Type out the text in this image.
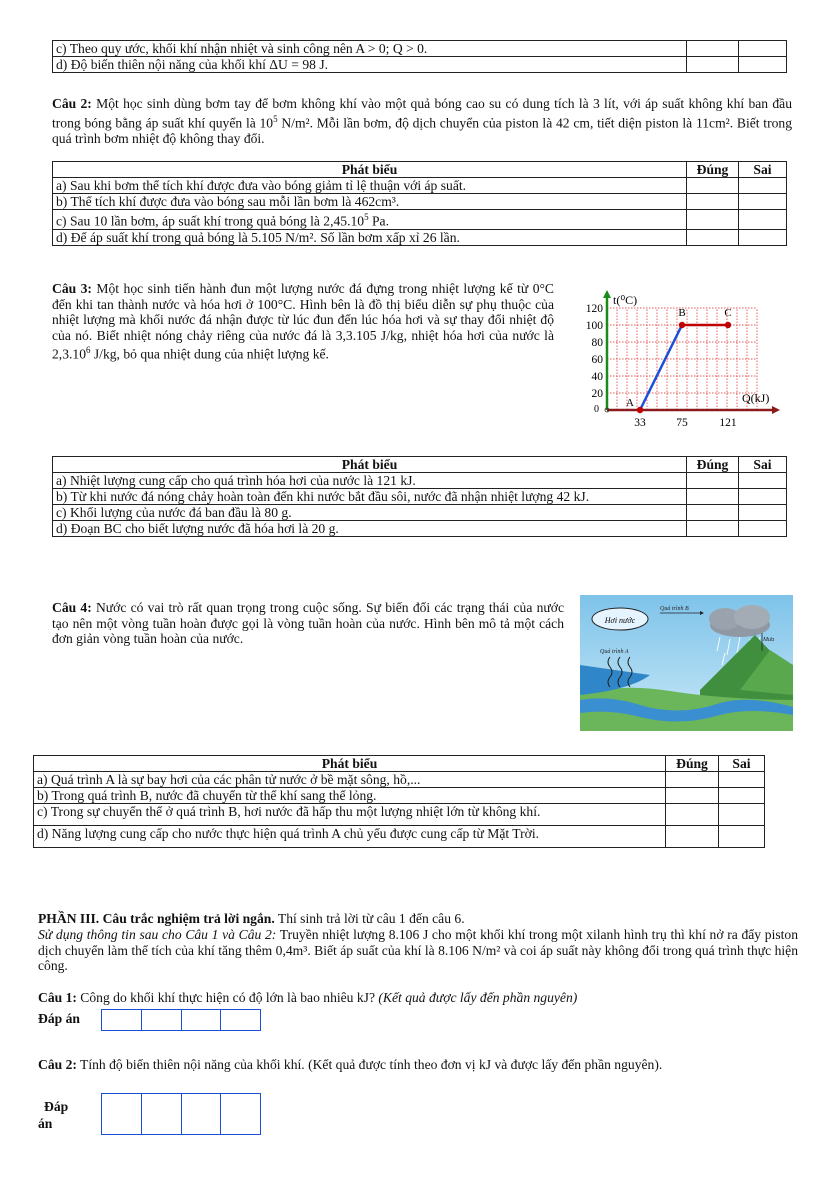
c) Theo quy ước, khối khí nhận nhiệt và sinh công nên A > 0; Q > 0.		
d) Độ biến thiên nội năng của khối khí ΔU = 98 J.		
Câu 2: Một học sinh dùng bơm tay để bơm không khí vào một quả bóng cao su có dung tích là 3 lít, với áp suất không khí ban đầu trong bóng bằng áp suất khí quyển là $10^5$ N/m². Mỗi lần bơm, độ dịch chuyển của piston là 42 cm, tiết diện piston là 11cm². Biết trong quá trình bơm nhiệt độ không thay đổi.
Phát biểu	Đúng	Sai
a) Sau khi bơm thể tích khí được đưa vào bóng giảm tỉ lệ thuận với áp suất.		
b) Thể tích khí được đưa vào bóng sau mỗi lần bơm là 462cm³.		
c) Sau 10 lần bơm, áp suất khí trong quả bóng là 2,45.10$^5$ Pa.		
d) Để áp suất khí trong quả bóng là 5.105 N/m². Số lần bơm xấp xỉ 26 lần.		
Câu 3: Một học sinh tiến hành đun một lượng nước đá đựng trong nhiệt lượng kế từ 0°C đến khi tan thành nước và hóa hơi ở 100°C. Hình bên là đồ thị biểu diễn sự phụ thuộc của nhiệt lượng mà khối nước đá nhận được từ lúc đun đến lúc hóa hơi và sự thay đổi nhiệt độ của nó. Biết nhiệt nóng chảy riêng của nước đá là 3,3.105 J/kg, nhiệt hóa hơi của nước là 2,3.10$^6$ J/kg, bỏ qua nhiệt dung của nhiệt lượng kế.
t(⁰C)
Q(kJ)
120
100
80
60
40
20
0
33	75	121
A
B	C
Phát biểu	Đúng	Sai
a) Nhiệt lượng cung cấp cho quá trình hóa hơi của nước là 121 kJ.		
b) Từ khi nước đá nóng chảy hoàn toàn đến khi nước bắt đầu sôi, nước đã nhận nhiệt lượng 42 kJ.		
c) Khối lượng của nước đá ban đầu là 80 g.		
d) Đoạn BC cho biết lượng nước đã hóa hơi là 20 g.		
Câu 4: Nước có vai trò rất quan trọng trong cuộc sống. Sự biến đổi các trạng thái của nước tạo nên một vòng tuần hoàn được gọi là vòng tuần hoàn của nước. Hình bên mô tả một cách đơn giản vòng tuần hoàn của nước.
Hơi nước
Quá trình B
Quá trình A
Mưa
Phát biểu	Đúng	Sai
a) Quá trình A là sự bay hơi của các phân tử nước ở bề mặt sông, hồ,...		
b) Trong quá trình B, nước đã chuyển từ thể khí sang thể lỏng.		
c) Trong sự chuyển thể ở quá trình B, hơi nước đã hấp thu một lượng nhiệt lớn từ không khí.		
d) Năng lượng cung cấp cho nước thực hiện quá trình A chủ yếu được cung cấp từ Mặt Trời.		
PHẦN III. Câu trắc nghiệm trả lời ngắn. Thí sinh trả lời từ câu 1 đến câu 6.
Sử dụng thông tin sau cho Câu 1 và Câu 2: Truyền nhiệt lượng 8.106 J cho một khối khí trong một xilanh hình trụ thì khí nở ra đẩy piston dịch chuyển làm thể tích của khí tăng thêm 0,4m³. Biết áp suất của khí là 8.106 N/m² và coi áp suất này không đổi trong quá trình thực hiện công.
Câu 1: Công do khối khí thực hiện có độ lớn là bao nhiêu kJ? (Kết quả được lấy đến phần nguyên)
Đáp án
Câu 2: Tính độ biến thiên nội năng của khối khí. (Kết quả được tính theo đơn vị kJ và được lấy đến phần nguyên).
Đáp
án
